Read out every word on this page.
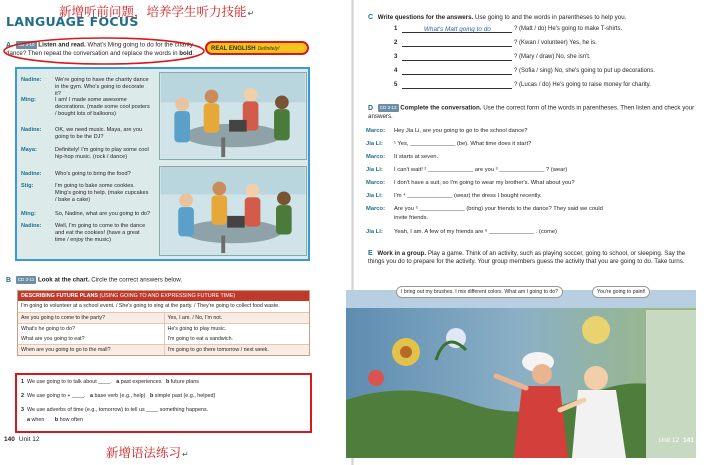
LANGUAGE FOCUS
新增听前问题，培养学生听力技能↵
A CD 3-10 Listen and read. What's Ming going to do for the charity dance? Then repeat the conversation and replace the words in bold.
REAL ENGLISH Definitely!
Nadine:	We're going to have the charity dance in the gym. Who's going to decorate it?
Ming:	I am! I made some awesome decorations. (made some cool posters / bought lots of balloons)
Nadine:	OK, we need music. Maya, are you going to be the DJ?
Maya:	Definitely! I'm going to play some cool hip-hop music. (rock / dance)
Nadine:	Who's going to bring the food?
Stig:	I'm going to bake some cookies. Ming's going to help. (make cupcakes / bake a cake)
Ming:	So, Nadine, what are you going to do?
Nadine:	Well, I'm going to come to the dance and eat the cookies! (have a great time / enjoy the music)
B CD 3-11 Look at the chart. Circle the correct answers below.
DESCRIBING FUTURE PLANS (USING GOING TO AND EXPRESSING FUTURE TIME)
I'm going to volunteer at a school event. / She's going to sing at the party. / They're going to collect food waste.
Are you going to come to the party?	Yes, I am. / No, I'm not.
What's he going to do?	He's going to play music.
What are you going to eat?	I'm going to eat a sandwich.
When are you going to go to the mall?	I'm going to go there tomorrow / next week.
1 We use going to to talk about ____. a past experiences b future plans
2 We use going to + ____. a base verb (e.g., help) b simple past (e.g., helped)
3 We use adverbs of time (e.g., tomorrow) to tell us ____ something happens.
a when b how often
140 Unit 12
新增语法练习↵
C Write questions for the answers. Use going to and the words in parentheses to help you.
1	What's Matt going to do	? (Matt / do) He's going to make T-shirts.
2	? (Kwan / volunteer) Yes, he is.
3	? (Mary / draw) No, she isn't.
4	? (Sofia / sing) No, she's going to put up decorations.
5	? (Lucas / do) He's going to raise money for charity.
D CD 3-12 Complete the conversation. Use the correct form of the words in parentheses. Then listen and check your answers.
Marco: Hey Jia Li, are you going to go to the school dance?
Jia Li: ¹ Yes, ______________ (be). What time does it start?
Marco: It starts at seven.
Jia Li: I can't wait! ² ______________ are you ³ ______________ ? (wear)
Marco: I don't have a suit, so I'm going to wear my brother's. What about you?
Jia Li: I'm ⁴ ______________ (wear) the dress I bought recently.
Marco: Are you ⁵ ______________ (bring) your friends to the dance? They said we could
invite friends.
Jia Li: Yeah, I am. A few of my friends are ⁶ ______________ . (come)
E Work in a group. Play a game. Think of an activity, such as playing soccer, going to school, or sleeping. Say the things you do to prepare for the activity. Your group members guess the activity that you are going to do. Take turns.
I bring out my brushes. I mix different colors. What am I going to do?	You're going to paint!
Unit 12 141
